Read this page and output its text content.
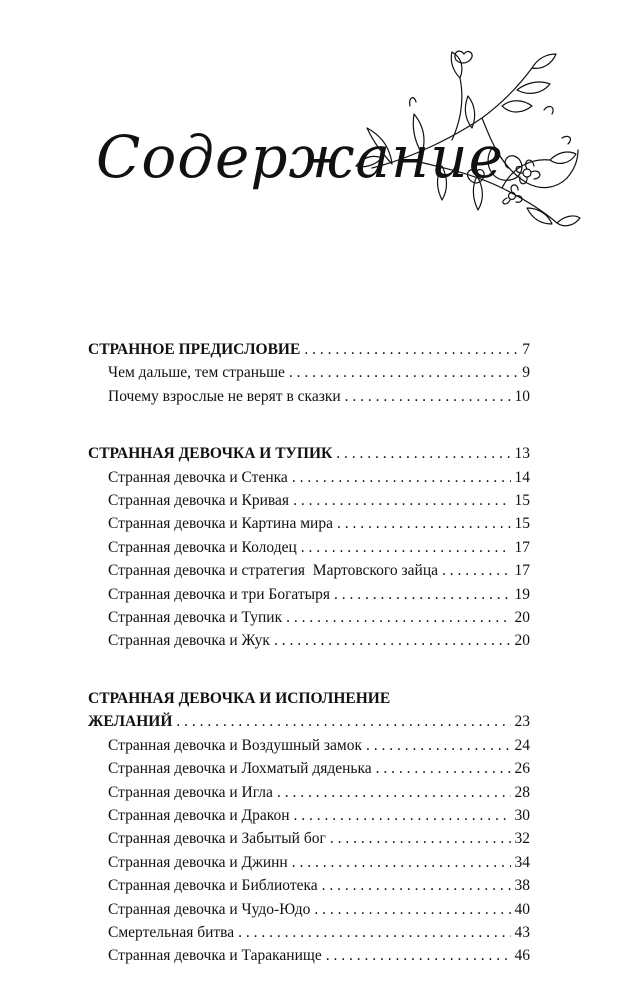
Содержание
СТРАННОЕ ПРЕДИСЛОВИЕ . . .	7
Чем дальше, тем страньше . . .	9
Почему взрослые не верят в сказки . . .	10
СТРАННАЯ ДЕВОЧКА И ТУПИК . . .	13
Странная девочка и Стенка . . .	14
Странная девочка и Кривая . . .	15
Странная девочка и Картина мира . . .	15
Странная девочка и Колодец . . .	17
Странная девочка и стратегия  Мартовского зайца . . .	17
Странная девочка и три Богатыря . . .	19
Странная девочка и Тупик . . .	20
Странная девочка и Жук . . .	20
СТРАННАЯ ДЕВОЧКА И ИСПОЛНЕНИЕ
ЖЕЛАНИЙ . . .	23
Странная девочка и Воздушный замок . . .	24
Странная девочка и Лохматый дяденька . . .	26
Странная девочка и Игла . . .	28
Странная девочка и Дракон . . .	30
Странная девочка и Забытый бог . . .	32
Странная девочка и Джинн . . .	34
Странная девочка и Библиотека . . .	38
Странная девочка и Чудо-Юдо . . .	40
Смертельная битва . . .	43
Странная девочка и Тараканище . . .	46
